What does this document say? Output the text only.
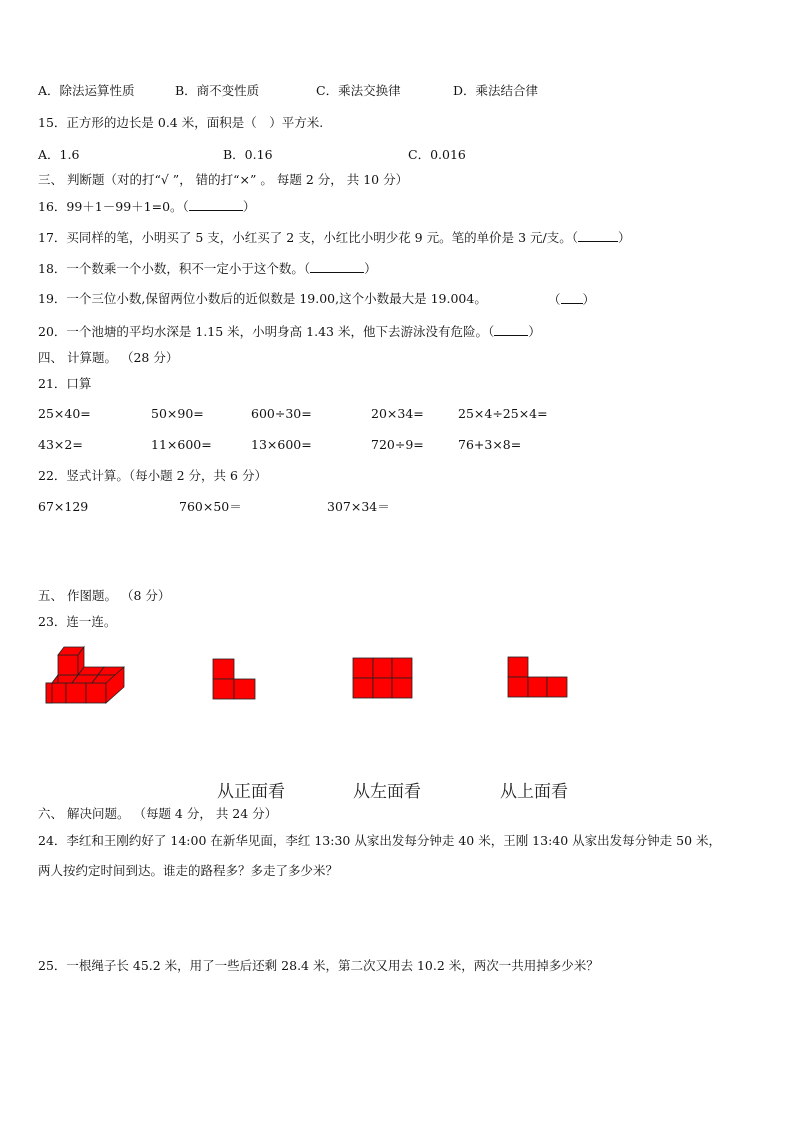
A．除法运算性质	B．商不变性质	C．乘法交换律	D．乘法结合律
15．正方形的边长是 0.4 米，面积是（　）平方米.
A．1.6	B．0.16	C．0.016
三、 判断题（对的打“√ ”， 错的打“×” 。 每题 2 分， 共 10 分）
16．99＋1－99＋1=0。（	）
17．买同样的笔，小明买了 5 支，小红买了 2 支，小红比小明少花 9 元。笔的单价是 3 元/支。（	）
18．一个数乘一个小数，积不一定小于这个数。（	）
19．一个三位小数,保留两位小数后的近似数是 19.00,这个小数最大是 19.004。	（ ）
20．一个池塘的平均水深是 1.15 米，小明身高 1.43 米，他下去游泳没有危险。（	）
四、 计算题。 （28 分）
21．口算
25×40=	50×90=	600÷30=	20×34=	25×4÷25×4=
43×2=	11×600=	13×600=	720÷9=	76+3×8=
22．竖式计算。（每小题 2 分，共 6 分）
67×129	760×50＝	307×34＝
五、 作图题。 （8 分）
23．连一连。
从正面看	从左面看	从上面看
六、 解决问题。 （每题 4 分， 共 24 分）
24．李红和王刚约好了 14:00 在新华见面，李红 13:30 从家出发每分钟走 40 米，王刚 13:40 从家出发每分钟走 50 米，
两人按约定时间到达。谁走的路程多？多走了多少米？
25．一根绳子长 45.2 米，用了一些后还剩 28.4 米，第二次又用去 10.2 米，两次一共用掉多少米？
